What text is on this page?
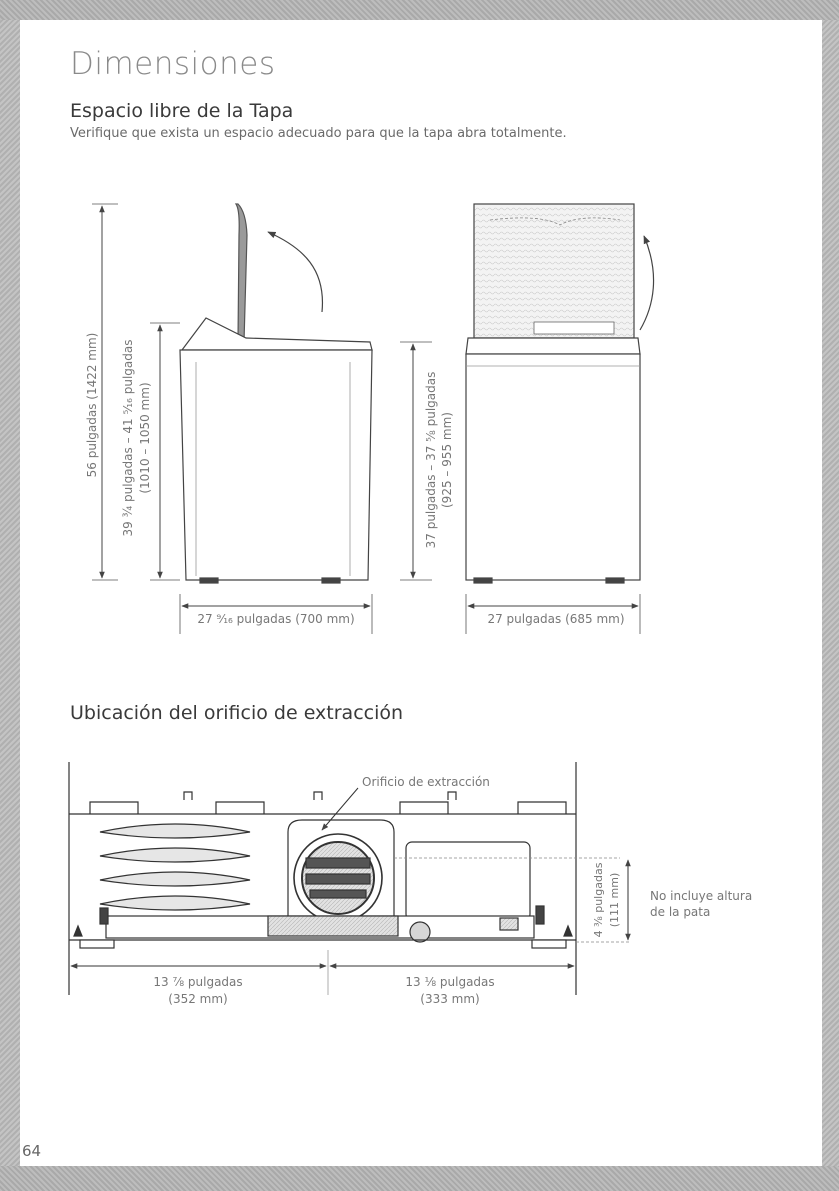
Dimensiones
Espacio libre de la Tapa
Verifique que exista un espacio adecuado para que la tapa abra totalmente.
Ubicación del orificio de extracción
64
56 pulgadas (1422 mm) 39 ¾ pulgadas – 41 ⁵⁄₁₆ pulgadas (1010 – 1050 mm)
27 ⁹⁄₁₆ pulgadas (700 mm)
37 pulgadas – 37 ⅝ pulgadas (925 – 955 mm)
27 pulgadas (685 mm)
Orificio de extracción
4 ⅜ pulgadas (111 mm) No incluye altura
de la pata
13 ⅞ pulgadas
(352 mm)
13 ⅛ pulgadas
(333 mm)
